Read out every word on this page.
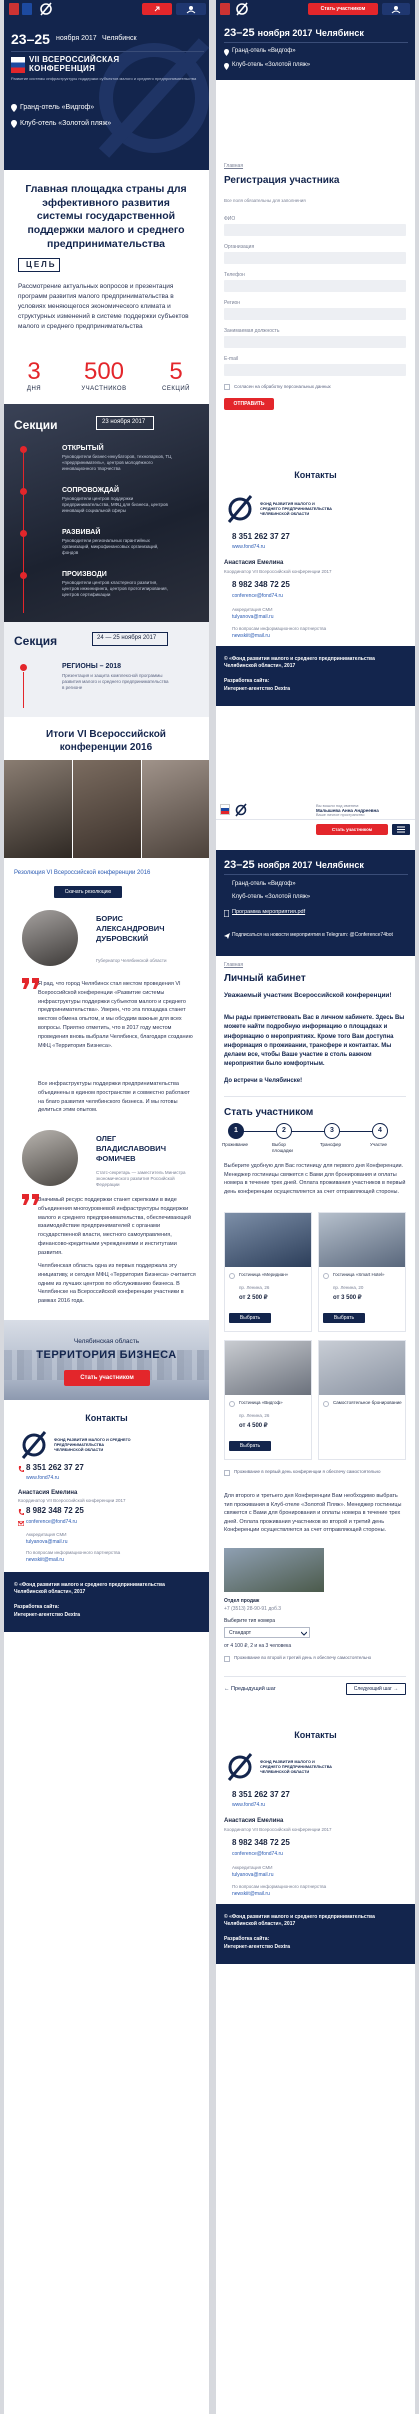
23–25 ноября 2017 Челябинск
VII ВСЕРОССИЙСКАЯ
КОНФЕРЕНЦИЯ
Развитие системы инфраструктуры поддержки субъектов малого и среднего предпринимательства
Гранд-отель «Видгоф»
Клуб-отель «Золотой пляж»
Главная площадка страны для эффективного развития системы государственной поддержки малого и среднего предпринимательства
ЦЕЛЬ
Рассмотрение актуальных вопросов и презентация программ развития малого предпринимательства в условиях меняющегося экономического климата и структурных изменений в системе поддержки субъектов малого и среднего предпринимательства
3
ДНЯ
500
УЧАСТНИКОВ
5
СЕКЦИЙ
Секции	23 ноября 2017
ОТКРЫТЫЙ
Руководители бизнес-инкубаторов, технопарков, ТЦ «предприниматель», центров молодёжного инновационного творчества
СОПРОВОЖДАЙ
Руководители центров поддержки предпринимательства, МФЦ для бизнеса, центров инноваций социальной сферы
РАЗВИВАЙ
Руководители региональных гарантийных организаций, микрофинансовых организаций, фондов
ПРОИЗВОДИ
Руководители центров кластерного развития, центров инжиниринга, центров прототипирования, центров сертификации
Секция	24 — 25 ноября 2017
РЕГИОНЫ – 2018
Презентация и защита комплексной программы развития малого и среднего предпринимательства в регионе
Итоги VI Всероссийской конференции 2016
Резолюция VI Всероссийской конференции 2016
Скачать резолюцию
БОРИС АЛЕКСАНДРОВИЧ ДУБРОВСКИЙ
Губернатор Челябинской области
Я рад, что город Челябинск стал местом проведения VI Всероссийской конференции «Развитие системы инфраструктуры поддержки субъектов малого и среднего предпринимательства». Уверен, что эта площадка станет местом обмена опытом, и мы обсудим важные для всех вопросы. Приятно отметить, что в 2017 году местом проведения вновь выбрали Челябинск, благодаря созданию МФЦ «Территория Бизнеса».
Все инфраструктуры поддержки предпринимательства объединены в едином пространстве и совместно работают на благо развития челябинского бизнеса. И мы готовы делиться этим опытом.
ОЛЕГ ВЛАДИСЛАВОВИЧ ФОМИЧЕВ
Статс-секретарь — заместитель Министра экономического развития Российской Федерации
Значимый ресурс поддержки станет скрепками в виде объединения многоуровневой инфраструктуры поддержки малого и среднего предпринимательства, обеспечивающей взаимодействие предпринимателей с органами государственной власти, местного самоуправления, финансово-кредитными учреждениями и институтами развития.
Челябинская область одна из первых поддержала эту инициативу, и сегодня МФЦ «Территория Бизнеса» считается одним из лучших центров по обслуживанию бизнеса. В Челябинске на Всероссийской конференции участники в рамках 2016 года.
Челябинская область
ТЕРРИТОРИЯ БИЗНЕСА
Стать участником
Контакты
ФОНД РАЗВИТИЯ МАЛОГО И СРЕДНЕГО ПРЕДПРИНИМАТЕЛЬСТВА ЧЕЛЯБИНСКОЙ ОБЛАСТИ
8 351 262 37 27
www.fond74.ru
Анастасия Емелина
Координатор VII Всероссийской конференции 2017
8 982 348 72 25
conference@fond74.ru
Аккредитация СМИ
tulyanova@mail.ru
По вопросам информационного партнерства
newskiit@mail.ru
© «Фонд развития малого и среднего предпринимательства Челябинской области», 2017
Разработка сайта:
Интернет-агентство Dextra
Стать участником
23–25 ноября 2017 Челябинск
Гранд-отель «Видгоф»
Клуб-отель «Золотой пляж»
Главная
Регистрация участника
Все поля обязательны для заполнения
ФИО
Организация
Телефон
Регион
Занимаемая должность
E-mail
Согласен на обработку персональных данных
ОТПРАВИТЬ
Контакты
ФОНД РАЗВИТИЯ МАЛОГО И СРЕДНЕГО ПРЕДПРИНИМАТЕЛЬСТВА ЧЕЛЯБИНСКОЙ ОБЛАСТИ
8 351 262 37 27
www.fond74.ru
Анастасия Емелина
Координатор VII Всероссийской конференции 2017
8 982 348 72 25
conference@fond74.ru
Аккредитация СМИ
tulyanova@mail.ru
По вопросам информационного партнерства
newskiit@mail.ru
© «Фонд развития малого и среднего предпринимательства Челябинской области», 2017
Разработка сайта:
Интернет-агентство Dextra
Вы вошли под именем:
Малышева Анна Андреевна
Ваше личное пространство
Стать участником
23–25 ноября 2017 Челябинск
Гранд-отель «Видгоф»
Клуб-отель «Золотой пляж»
Программа мероприятия.pdf
Подписаться на новости мероприятия в Telegram: @Conference74bot
Главная
Личный кабинет
Уважаемый участник Всероссийской конференции!
Мы рады приветствовать Вас в личном кабинете. Здесь Вы можете найти подробную информацию о площадках и информацию о мероприятиях. Кроме того Вам доступна информация о проживании, трансфере и контактах. Мы делаем все, чтобы Ваше участие в столь важном мероприятии было комфортным.
До встречи в Челябинске!
Стать участником
1	2	3	4
Проживание	Выбор площадки
Трансфер	Участие
Выберите удобную для Вас гостиницу для первого дня Конференции. Менеджер гостиницы свяжется с Вами для бронирования и оплаты номера в течение трех дней. Оплата проживания участников в первый день конференции осуществляется за счет отправляющей стороны.
Гостиница «Меридиан»
пр. Ленина, 26
от 2 500 ₽
Выбрать
Гостиница «Smart Hotel»
пр. Ленина, 20
от 3 500 ₽
Выбрать
Гостиница «Видгоф»
пр. Ленина, 26
от 4 500 ₽
Выбрать
Самостоятельное бронирование
Проживание в первый день конференции я обеспечу самостоятельно
Для второго и третьего дня Конференции Вам необходимо выбрать тип проживания в Клуб-отеле «Золотой Пляж». Менеджер гостиницы свяжется с Вами для бронирования и оплаты номера в течение трех дней. Оплата проживания участников во второй и третий день Конференции осуществляется за счет отправляющей стороны.
Отдел продаж
+7 (3513) 28-90-91 доб.3
Выберите тип номера
Стандарт
от 4 100 ₽, 2 и на 3 человека
Проживание во второй и третий день я обеспечу самостоятельно
← Предыдущий шаг	Следующий шаг →
Контакты
ФОНД РАЗВИТИЯ МАЛОГО И СРЕДНЕГО ПРЕДПРИНИМАТЕЛЬСТВА ЧЕЛЯБИНСКОЙ ОБЛАСТИ
8 351 262 37 27
www.fond74.ru
Анастасия Емелина
Координатор VII Всероссийской конференции 2017
8 982 348 72 25
conference@fond74.ru
Аккредитация СМИ
tulyanova@mail.ru
По вопросам информационного партнерства
newskiit@mail.ru
© «Фонд развития малого и среднего предпринимательства Челябинской области», 2017
Разработка сайта:
Интернет-агентство Dextra
